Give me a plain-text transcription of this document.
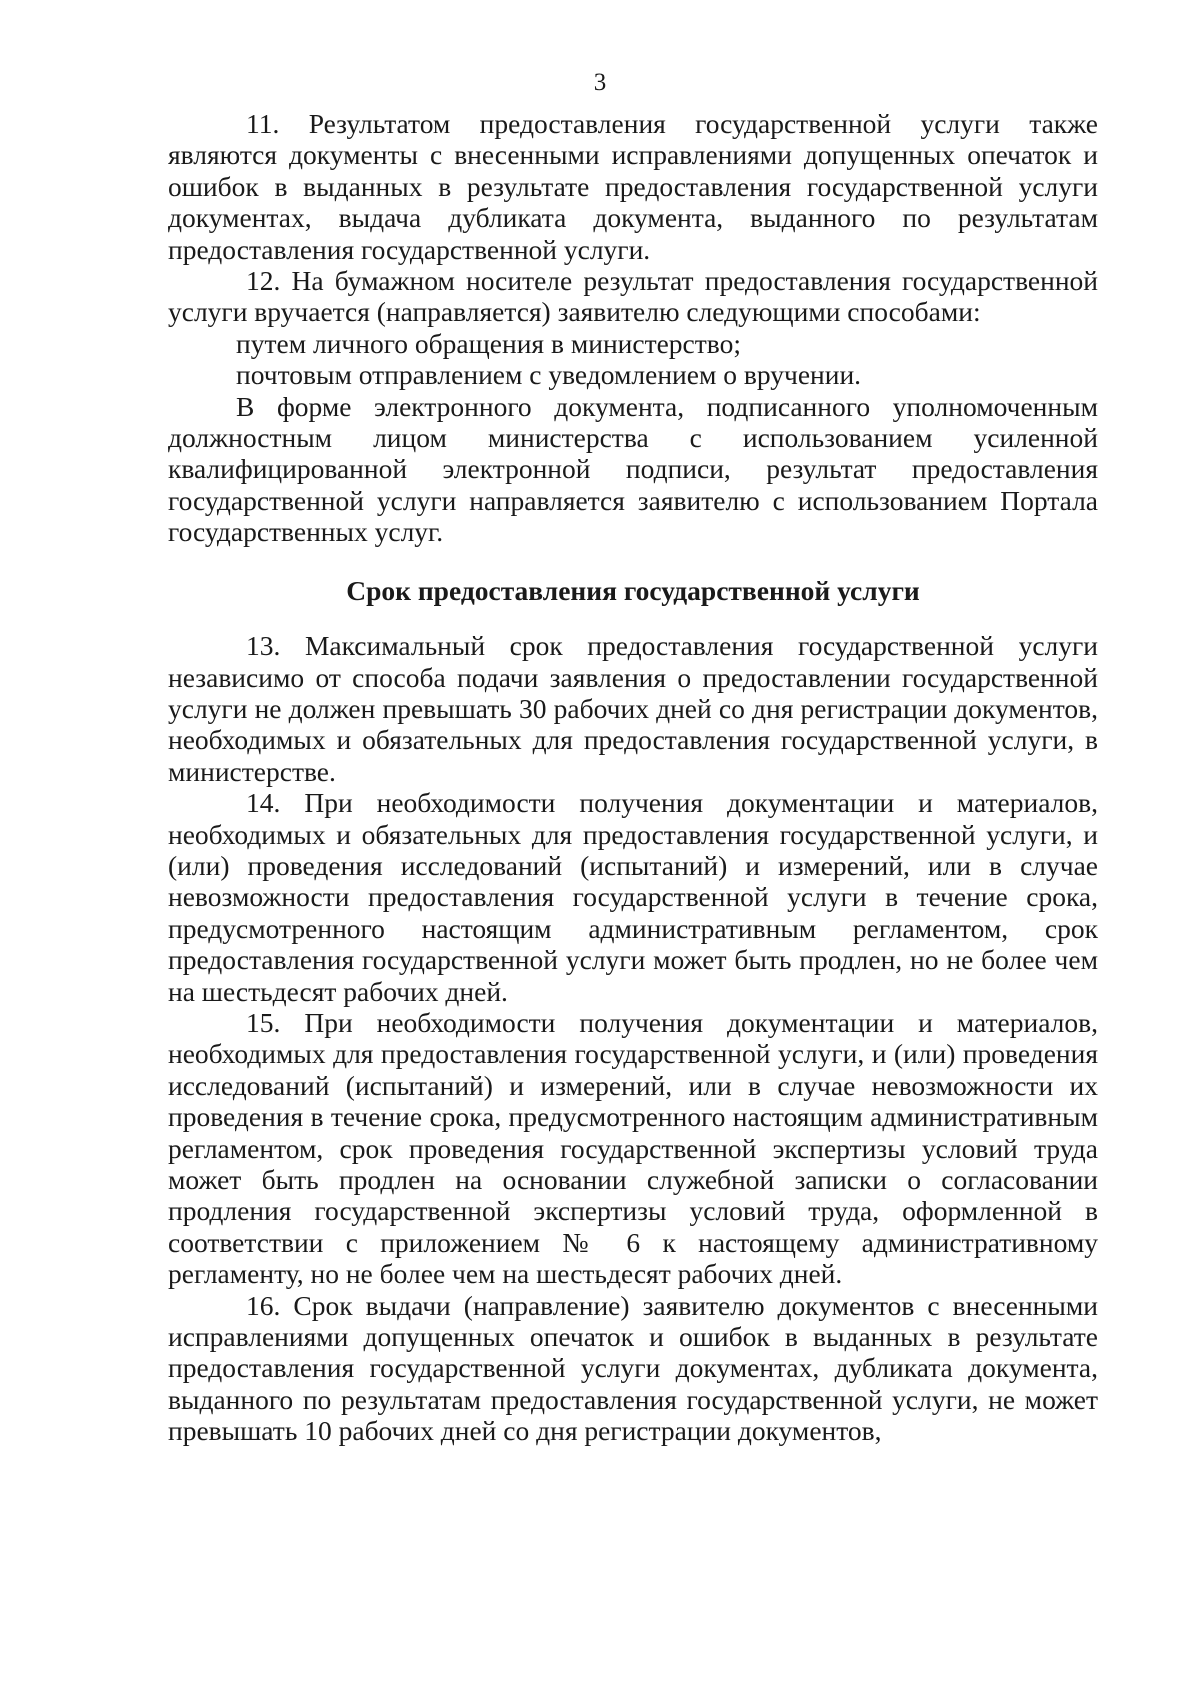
3

11. Результатом предоставления государственной услуги также являются документы с внесенными исправлениями допущенных опечаток и ошибок в выданных в результате предоставления государственной услуги документах, выдача дубликата документа, выданного по результатам предоставления государственной услуги.

12. На бумажном носителе результат предоставления государственной услуги вручается (направляется) заявителю следующими способами:

путем личного обращения в министерство;

почтовым отправлением с уведомлением о вручении.

В форме электронного документа, подписанного уполномоченным должностным лицом министерства с использованием усиленной квалифицированной электронной подписи, результат предоставления государственной услуги направляется заявителю с использованием Портала государственных услуг.

Срок предоставления государственной услуги

13. Максимальный срок предоставления государственной услуги независимо от способа подачи заявления о предоставлении государственной услуги не должен превышать 30 рабочих дней со дня регистрации документов, необходимых и обязательных для предоставления государственной услуги, в министерстве.

14. При необходимости получения документации и материалов, необходимых и обязательных для предоставления государственной услуги, и (или) проведения исследований (испытаний) и измерений, или в случае невозможности предоставления государственной услуги в течение срока, предусмотренного настоящим административным регламентом, срок предоставления государственной услуги может быть продлен, но не более чем на шестьдесят рабочих дней.

15. При необходимости получения документации и материалов, необходимых для предоставления государственной услуги, и (или) проведения исследований (испытаний) и измерений, или в случае невозможности их проведения в течение срока, предусмотренного настоящим административным регламентом, срок проведения государственной экспертизы условий труда может быть продлен на основании служебной записки о согласовании продления государственной экспертизы условий труда, оформленной в соответствии с приложением № 6 к настоящему административному регламенту, но не более чем на шестьдесят рабочих дней.

16. Срок выдачи (направление) заявителю документов с внесенными исправлениями допущенных опечаток и ошибок в выданных в результате предоставления государственной услуги документах, дубликата документа, выданного по результатам предоставления государственной услуги, не может превышать 10 рабочих дней со дня регистрации документов,
